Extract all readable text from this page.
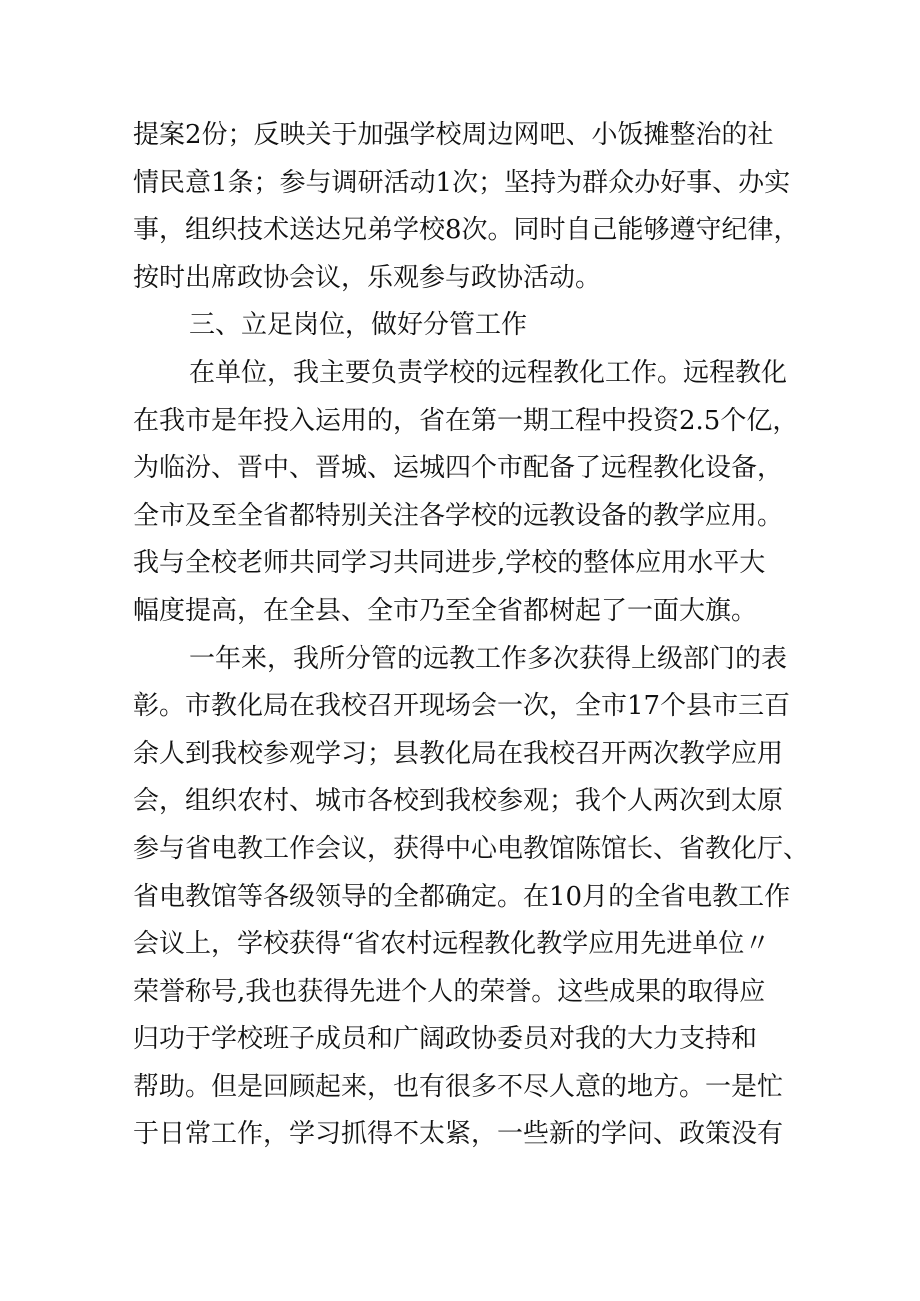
提案2份；反映关于加强学校周边网吧、小饭摊整治的社
情民意1条；参与调研活动1次；坚持为群众办好事、办实
事，组织技术送达兄弟学校8次。同时自己能够遵守纪律，
按时出席政协会议，乐观参与政协活动。
三、立足岗位，做好分管工作
在单位，我主要负责学校的远程教化工作。远程教化
在我市是年投入运用的，省在第一期工程中投资2.5个亿，
为临汾、晋中、晋城、运城四个市配备了远程教化设备，
全市及至全省都特别关注各学校的远教设备的教学应用。
我与全校老师共同学习共同进步,学校的整体应用水平大
幅度提高，在全县、全市乃至全省都树起了一面大旗。
一年来，我所分管的远教工作多次获得上级部门的表
彰。市教化局在我校召开现场会一次，全市17个县市三百
余人到我校参观学习；县教化局在我校召开两次教学应用
会，组织农村、城市各校到我校参观；我个人两次到太原
参与省电教工作会议，获得中心电教馆陈馆长、省教化厅、
省电教馆等各级领导的全都确定。在10月的全省电教工作
会议上，学校获得“省农村远程教化教学应用先进单位〃
荣誉称号,我也获得先进个人的荣誉。这些成果的取得应
归功于学校班子成员和广阔政协委员对我的大力支持和
帮助。但是回顾起来，也有很多不尽人意的地方。一是忙
于日常工作，学习抓得不太紧，一些新的学问、政策没有
